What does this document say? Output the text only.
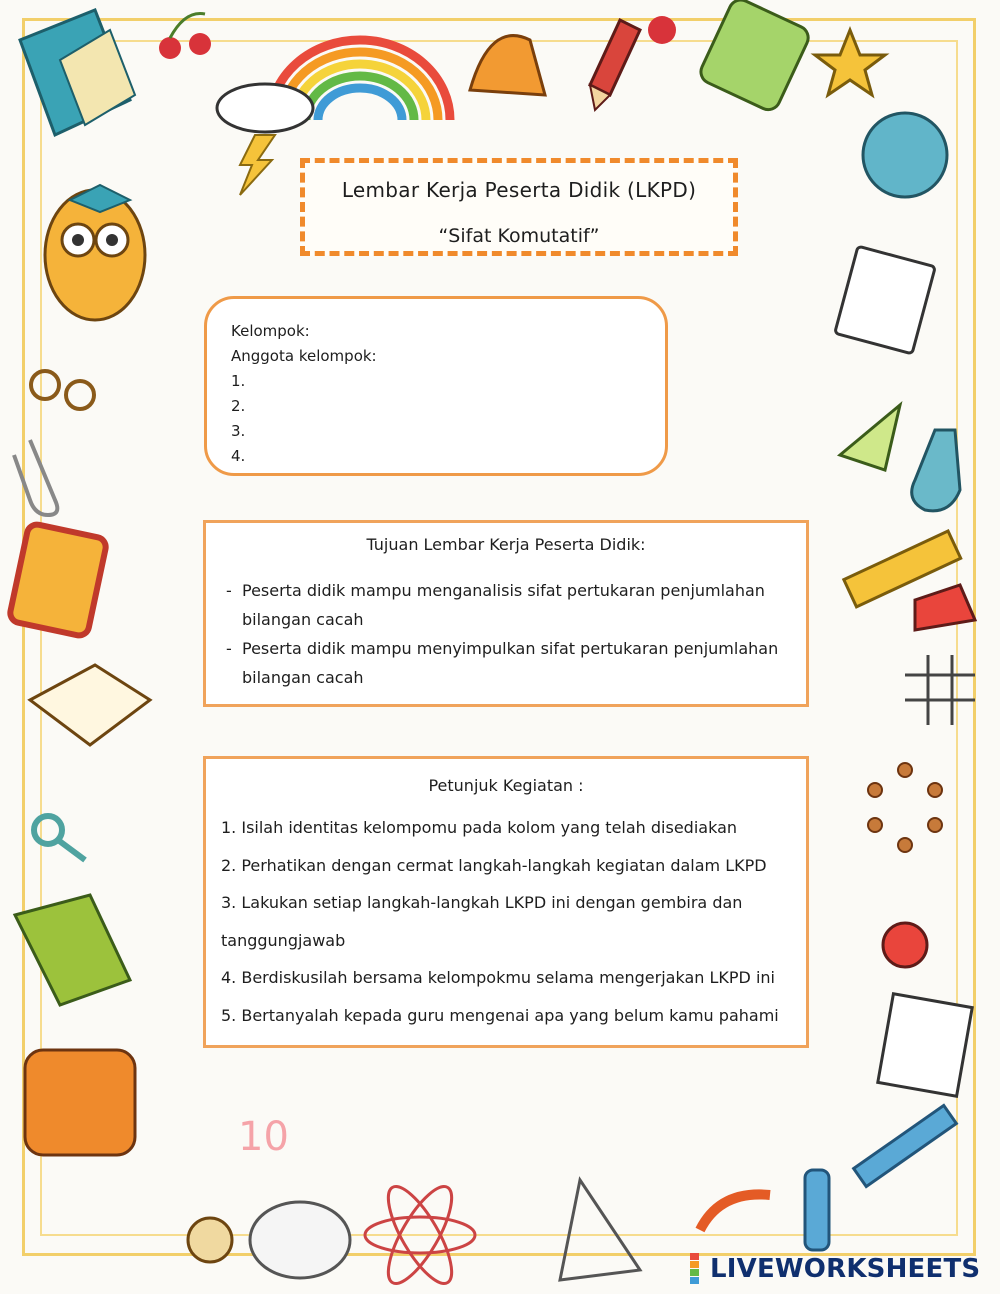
10
Lembar Kerja Peserta Didik (LKPD)
“Sifat Komutatif”
Kelompok:
Anggota kelompok:
1.
2.
3.
4.
Tujuan Lembar Kerja Peserta Didik:
- Peserta didik mampu menganalisis sifat pertukaran penjumlahan
bilangan cacah
- Peserta didik mampu menyimpulkan sifat pertukaran penjumlahan
bilangan cacah
Petunjuk Kegiatan :
1. Isilah identitas kelompomu pada kolom yang telah disediakan
2. Perhatikan dengan cermat langkah-langkah kegiatan dalam LKPD
3. Lakukan setiap langkah-langkah LKPD ini dengan gembira dan
tanggungjawab
4. Berdiskusilah bersama kelompokmu selama mengerjakan LKPD ini
5. Bertanyalah kepada guru mengenai apa yang belum kamu pahami
LIVEWORKSHEETS
